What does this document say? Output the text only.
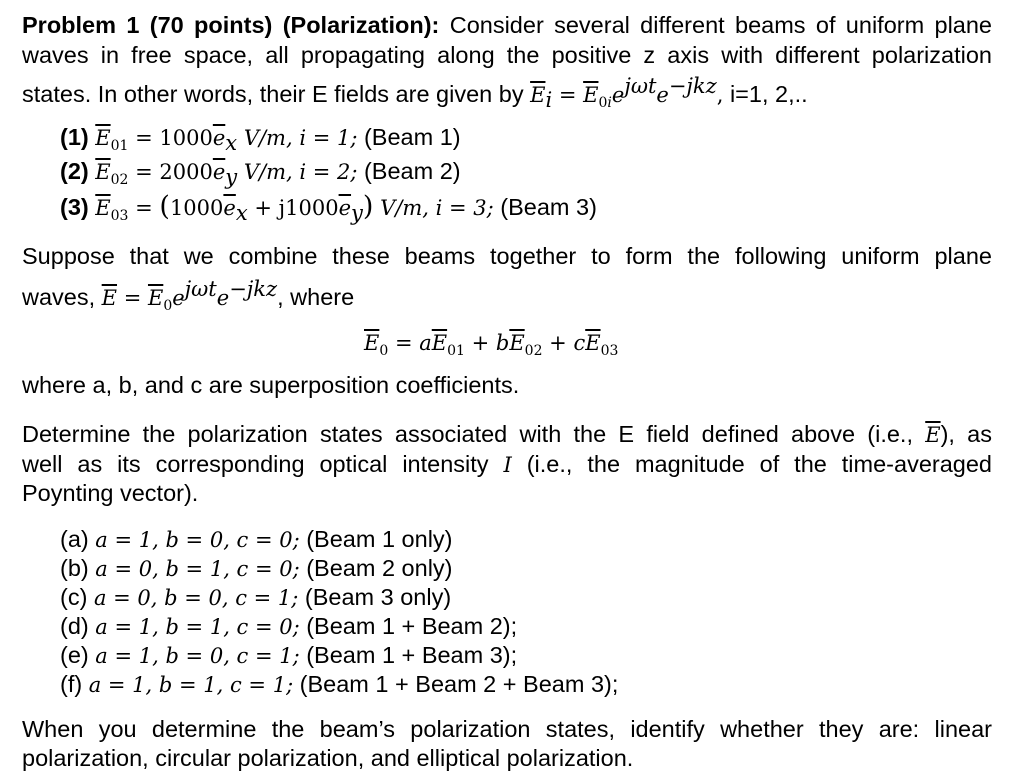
Problem 1 (70 points) (Polarization): Consider several different beams of uniform plane
waves in free space, all propagating along the positive z axis with different polarization
states. In other words, their E fields are given by $\overline{E}_i = \overline{E}_{0i}e^{j\omega t}e^{-jkz}$, i=1, 2,..
(1) $\overline{E}_{01} = 1000\overline{e}_x$ V/m, i = 1; (Beam 1)
(2) $\overline{E}_{02} = 2000\overline{e}_y$ V/m, i = 2; (Beam 2)
(3) $\overline{E}_{03} = (1000\overline{e}_x + j1000\overline{e}_y)$ V/m, i = 3; (Beam 3)
Suppose that we combine these beams together to form the following uniform plane
waves, $\overline{E} = \overline{E}_0e^{j\omega t}e^{-jkz}$, where
$\overline{E}_0 = a\overline{E}_{01} + b\overline{E}_{02} + c\overline{E}_{03}$
where a, b, and c are superposition coefficients.
Determine the polarization states associated with the E field defined above (i.e., $\overline{E}$), as
well as its corresponding optical intensity I (i.e., the magnitude of the time-averaged
Poynting vector).
(a) a = 1, b = 0, c = 0; (Beam 1 only)
(b) a = 0, b = 1, c = 0; (Beam 2 only)
(c) a = 0, b = 0, c = 1; (Beam 3 only)
(d) a = 1, b = 1, c = 0; (Beam 1 + Beam 2);
(e) a = 1, b = 0, c = 1; (Beam 1 + Beam 3);
(f) a = 1, b = 1, c = 1; (Beam 1 + Beam 2 + Beam 3);
When you determine the beam’s polarization states, identify whether they are: linear
polarization, circular polarization, and elliptical polarization.
